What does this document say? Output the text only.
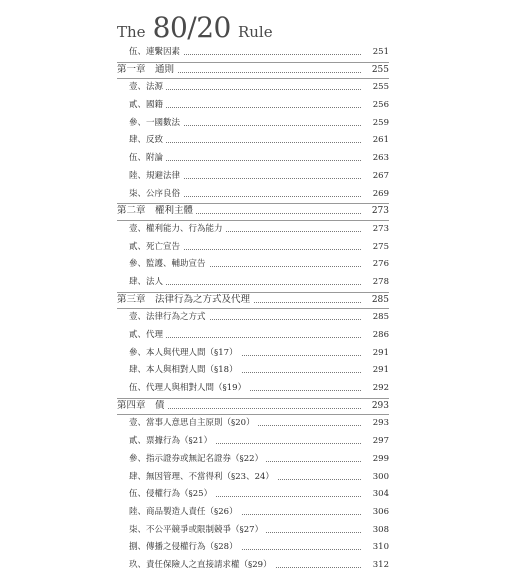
The 80/20 Rule
伍、連繫因素	251
第一章　通則	255
壹、法源	255
貳、國籍	256
參、一國數法	259
肆、反致	261
伍、附論	263
陸、規避法律	267
柒、公序良俗	269
第二章　權利主體	273
壹、權利能力、行為能力	273
貳、死亡宣告	275
參、監護、輔助宣告	276
肆、法人	278
第三章　法律行為之方式及代理	285
壹、法律行為之方式	285
貳、代理	286
參、本人與代理人間（§17）	291
肆、本人與相對人間（§18）	291
伍、代理人與相對人間（§19）	292
第四章　債	293
壹、當事人意思自主原則（§20）	293
貳、票據行為（§21）	297
參、指示證券或無記名證券（§22）	299
肆、無因管理、不當得利（§23、24）	300
伍、侵權行為（§25）	304
陸、商品製造人責任（§26）	306
柒、不公平競爭或限制競爭（§27）	308
捌、傳播之侵權行為（§28）	310
玖、責任保險人之直接請求權（§29）	312
